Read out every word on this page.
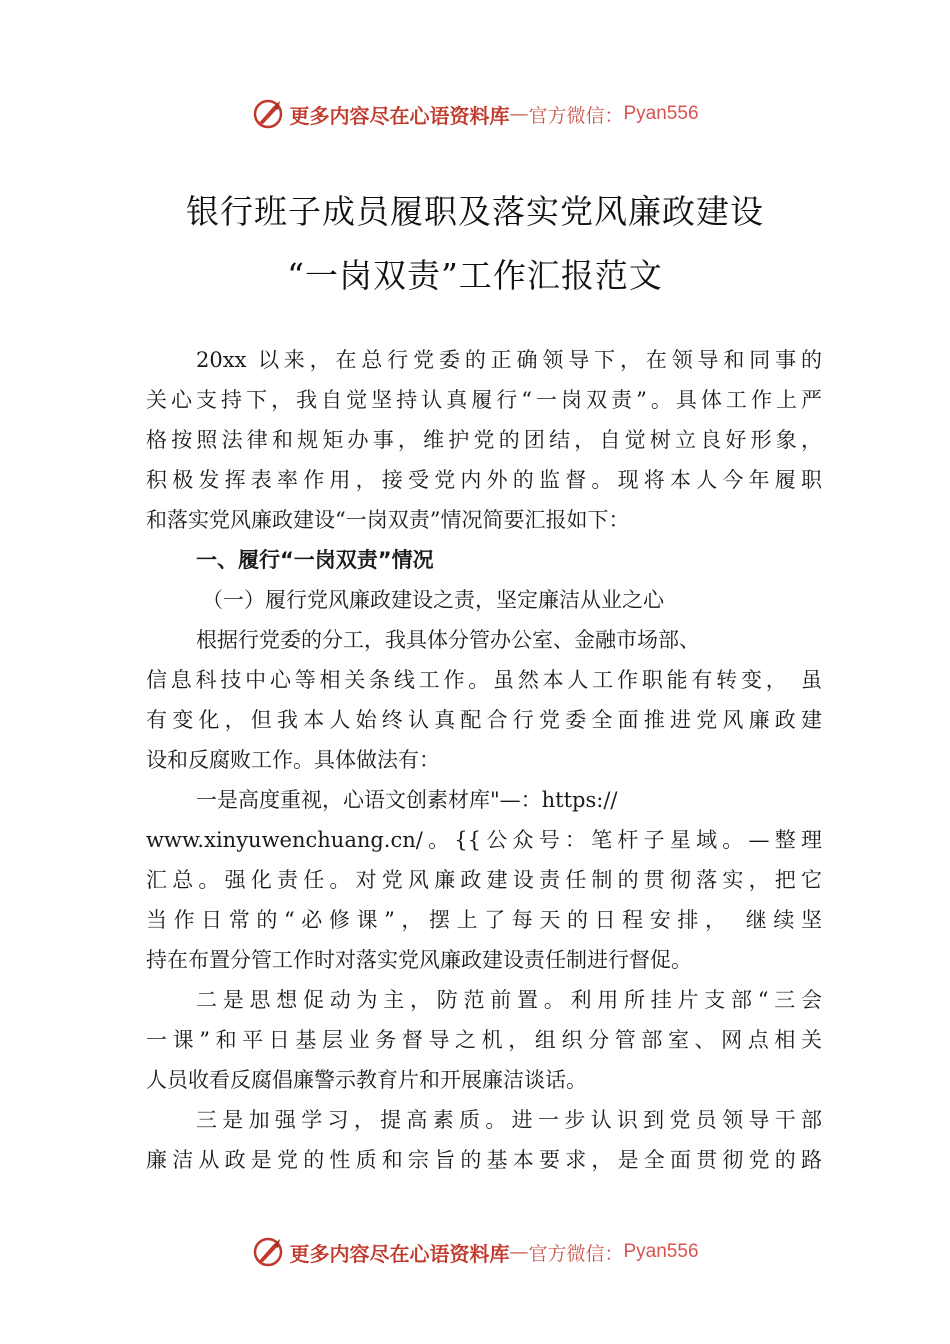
更多内容尽在心语资料库 — 官方微信： Pyan556
银行班子成员履职及落实党风廉政建设
“一岗双责”工作汇报范文
20xx 以来，在总行党委的正确领导下，在领导和同事的
关心支持下，我自觉坚持认真履行“一岗双责”。具体工作上严
格按照法律和规矩办事，维护党的团结，自觉树立良好形象，
积极发挥表率作用，接受党内外的监督。现将本人今年履职
和落实党风廉政建设“一岗双责”情况简要汇报如下：
一、履行“一岗双责”情况
（一）履行党风廉政建设之责，坚定廉洁从业之心
根据行党委的分工，我具体分管办公室、金融市场部、
信息科技中心等相关条线工作。虽然本人工作职能有转变， 虽
有变化，但我本人始终认真配合行党委全面推进党风廉政建
设和反腐败工作。具体做法有：
一是高度重视，心语文创素材库"—：https://
www.xinyuwenchuang.cn/。{{公众号：笔杆子星域。—整理
汇总。强化责任。对党风廉政建设责任制的贯彻落实，把它
当作日常的“必修课”，摆上了每天的日程安排， 继续坚
持在布置分管工作时对落实党风廉政建设责任制进行督促。
二是思想促动为主，防范前置。利用所挂片支部“三会
一课”和平日基层业务督导之机，组织分管部室、网点相关
人员收看反腐倡廉警示教育片和开展廉洁谈话。
三是加强学习，提高素质。进一步认识到党员领导干部
廉洁从政是党的性质和宗旨的基本要求，是全面贯彻党的路
更多内容尽在心语资料库 — 官方微信： Pyan556
